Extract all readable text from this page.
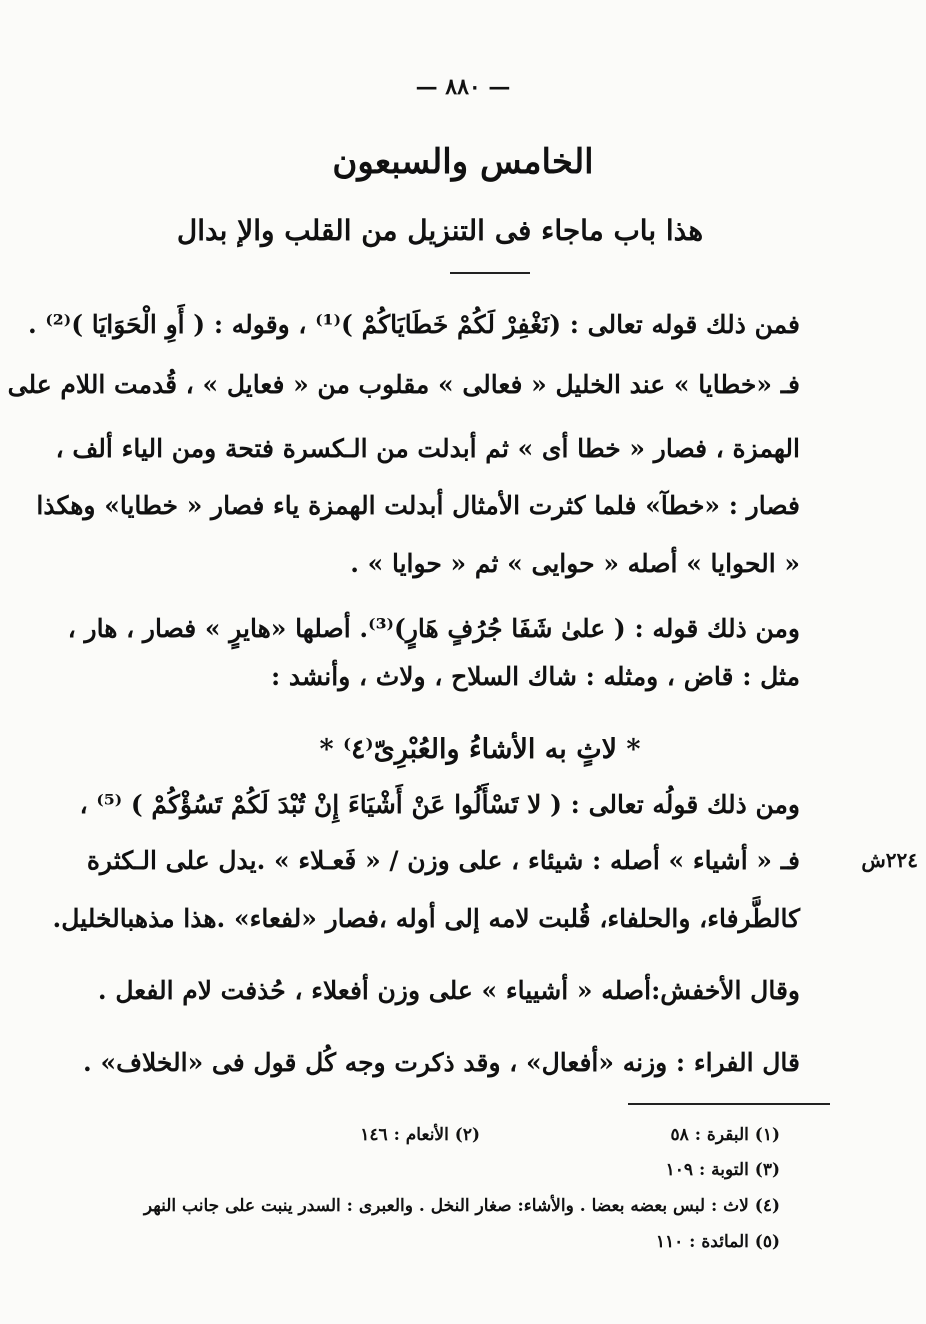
— ٨٨٠ —
الخامس والسبعون
هذا باب ماجاء فى التنزيل من القلب والإ بدال
فمن ذلك قوله تعالى : (نَغْفِرْ لَكُمْ خَطَايَاكُمْ )⁽¹⁾ ، وقوله : ( أَوِ الْحَوَايَا )⁽²⁾ .
فـ «خطايا » عند الخليل « فعالى » مقلوب من « فعايل » ، قُدمت اللام على
الهمزة ، فصار « خطا أى » ثم أبدلت من الـكسرة فتحة ومن الياء ألف ،
فصار : «خطآ» فلما كثرت الأمثال أبدلت الهمزة ياء فصار « خطايا» وهكذا
« الحوايا » أصله « حوايى » ثم « حوايا » .
ومن ذلك قوله : ( علىٰ شَفَا جُرُفٍ هَارٍ)⁽³⁾. أصلها «هايرٍ » فصار ، هار ،
مثل : قاض ، ومثله : شاك السلاح ، ولاث ، وأنشد :
* لاثٍ به الأشاءُ والعُبْرِىّ⁽٤⁾ *
ومن ذلك قولُه تعالى : ( لا تَسْأَلُوا عَنْ أَشْيَاءَ إِنْ تُبْدَ لَكُمْ تَسُؤْكُمْ ) ⁽⁵⁾ ،
فـ « أشياء » أصله : شيئاء ، على وزن / « فَعـلاء » .يدل على الـكثرة
كالطَّرفاء، والحلفاء، قُلبت لامه إلى أوله ،فصار «لفعاء» .هذا مذهبالخليل.
وقال الأخفش:أصله « أشيياء » على وزن أفعلاء ، حُذفت لام الفعل .
قال الفراء : وزنه «أفعال» ، وقد ذكرت وجه كُل قول فى «الخلاف» .
٢٢٤ش
(١) البقرة : ٥٨
(٢) الأنعام : ١٤٦
(٣) التوبة : ١٠٩
(٤) لاث : لبس بعضه بعضا . والأشاء: صغار النخل . والعبرى : السدر ينبت على جانب النهر
(٥) المائدة : ١١٠
